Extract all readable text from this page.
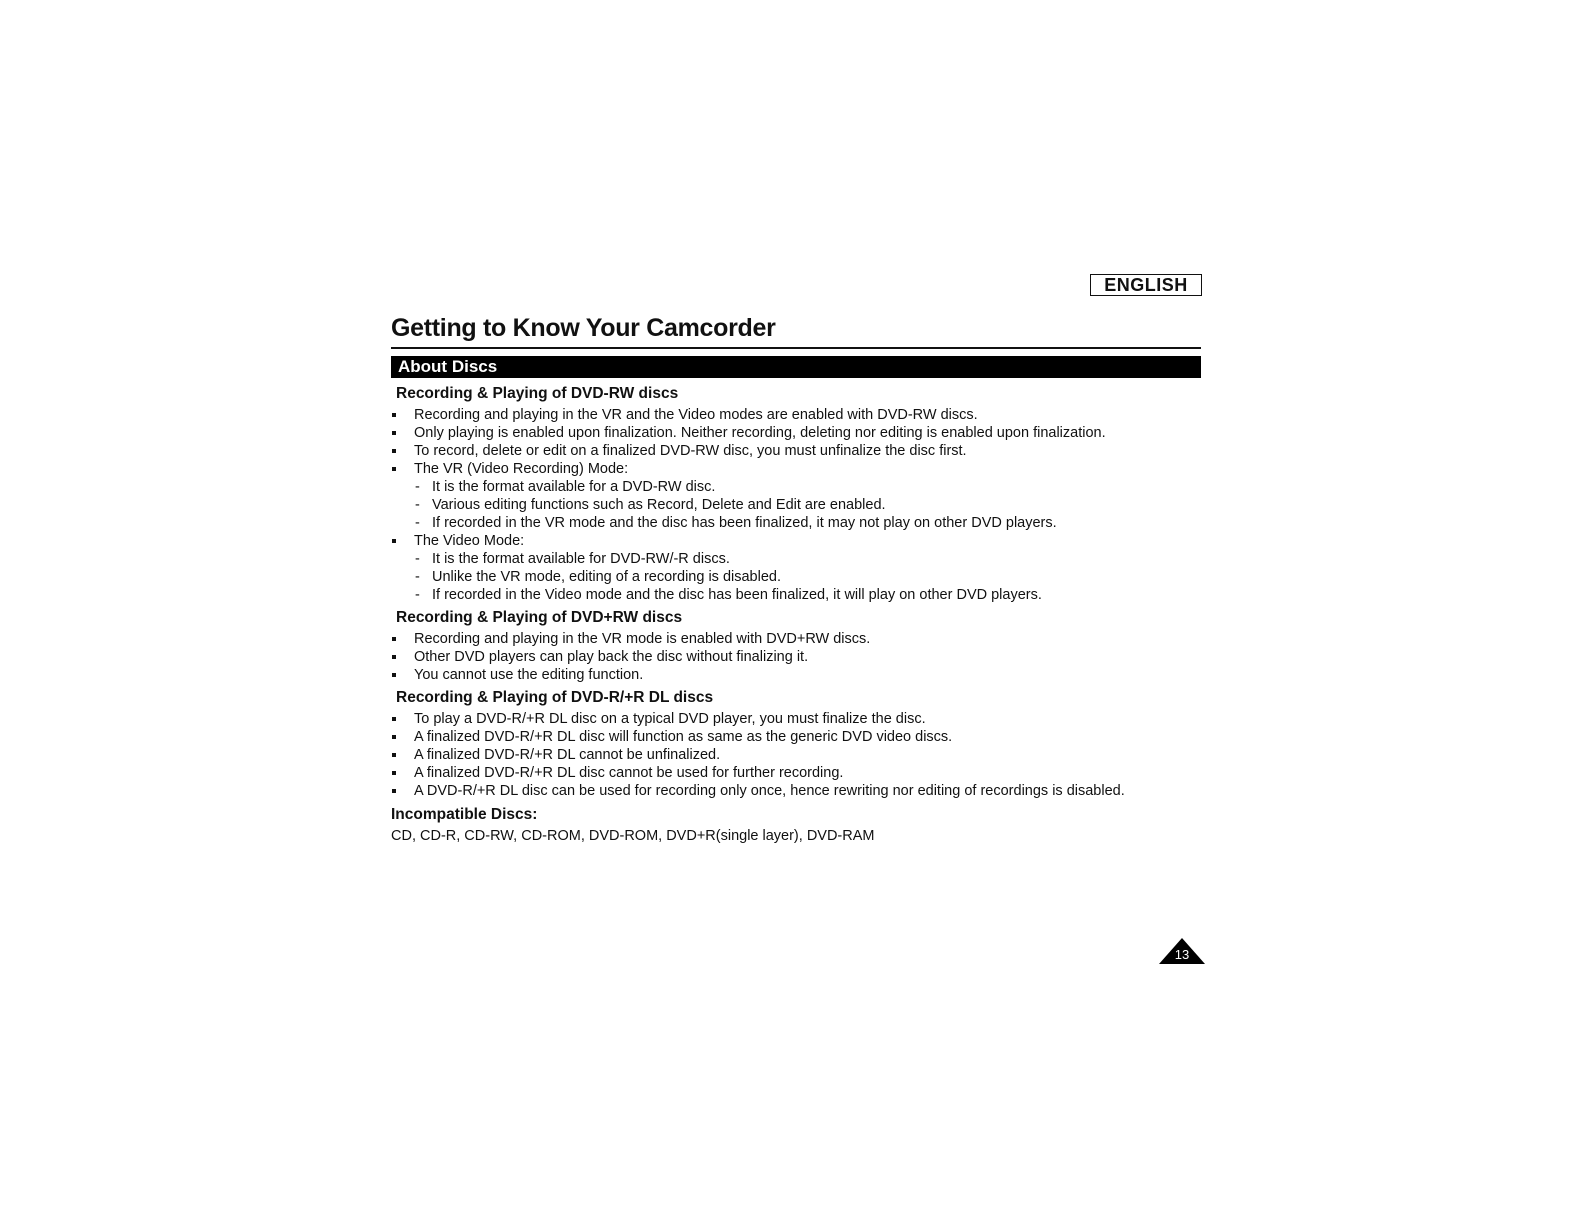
ENGLISH
Getting to Know Your Camcorder
About Discs
Recording & Playing of DVD-RW discs
Recording and playing in the VR and the Video modes are enabled with DVD-RW discs.
Only playing is enabled upon finalization. Neither recording, deleting nor editing is enabled upon finalization.
To record, delete or edit on a finalized DVD-RW disc, you must unfinalize the disc first.
The VR (Video Recording) Mode:
- It is the format available for a DVD-RW disc.
- Various editing functions such as Record, Delete and Edit are enabled.
- If recorded in the VR mode and the disc has been finalized, it may not play on other DVD players.
The Video Mode:
- It is the format available for DVD-RW/-R discs.
- Unlike the VR mode, editing of a recording is disabled.
- If recorded in the Video mode and the disc has been finalized, it will play on other DVD players.
Recording & Playing of DVD+RW discs
Recording and playing in the VR mode is enabled with DVD+RW discs.
Other DVD players can play back the disc without finalizing it.
You cannot use the editing function.
Recording & Playing of DVD-R/+R DL discs
To play a DVD-R/+R DL disc on a typical DVD player, you must finalize the disc.
A finalized DVD-R/+R DL disc will function as same as the generic DVD video discs.
A finalized DVD-R/+R DL cannot be unfinalized.
A finalized DVD-R/+R DL disc cannot be used for further recording.
A DVD-R/+R DL disc can be used for recording only once, hence rewriting nor editing of recordings is disabled.
Incompatible Discs:
CD, CD-R, CD-RW, CD-ROM, DVD-ROM, DVD+R(single layer), DVD-RAM
13
